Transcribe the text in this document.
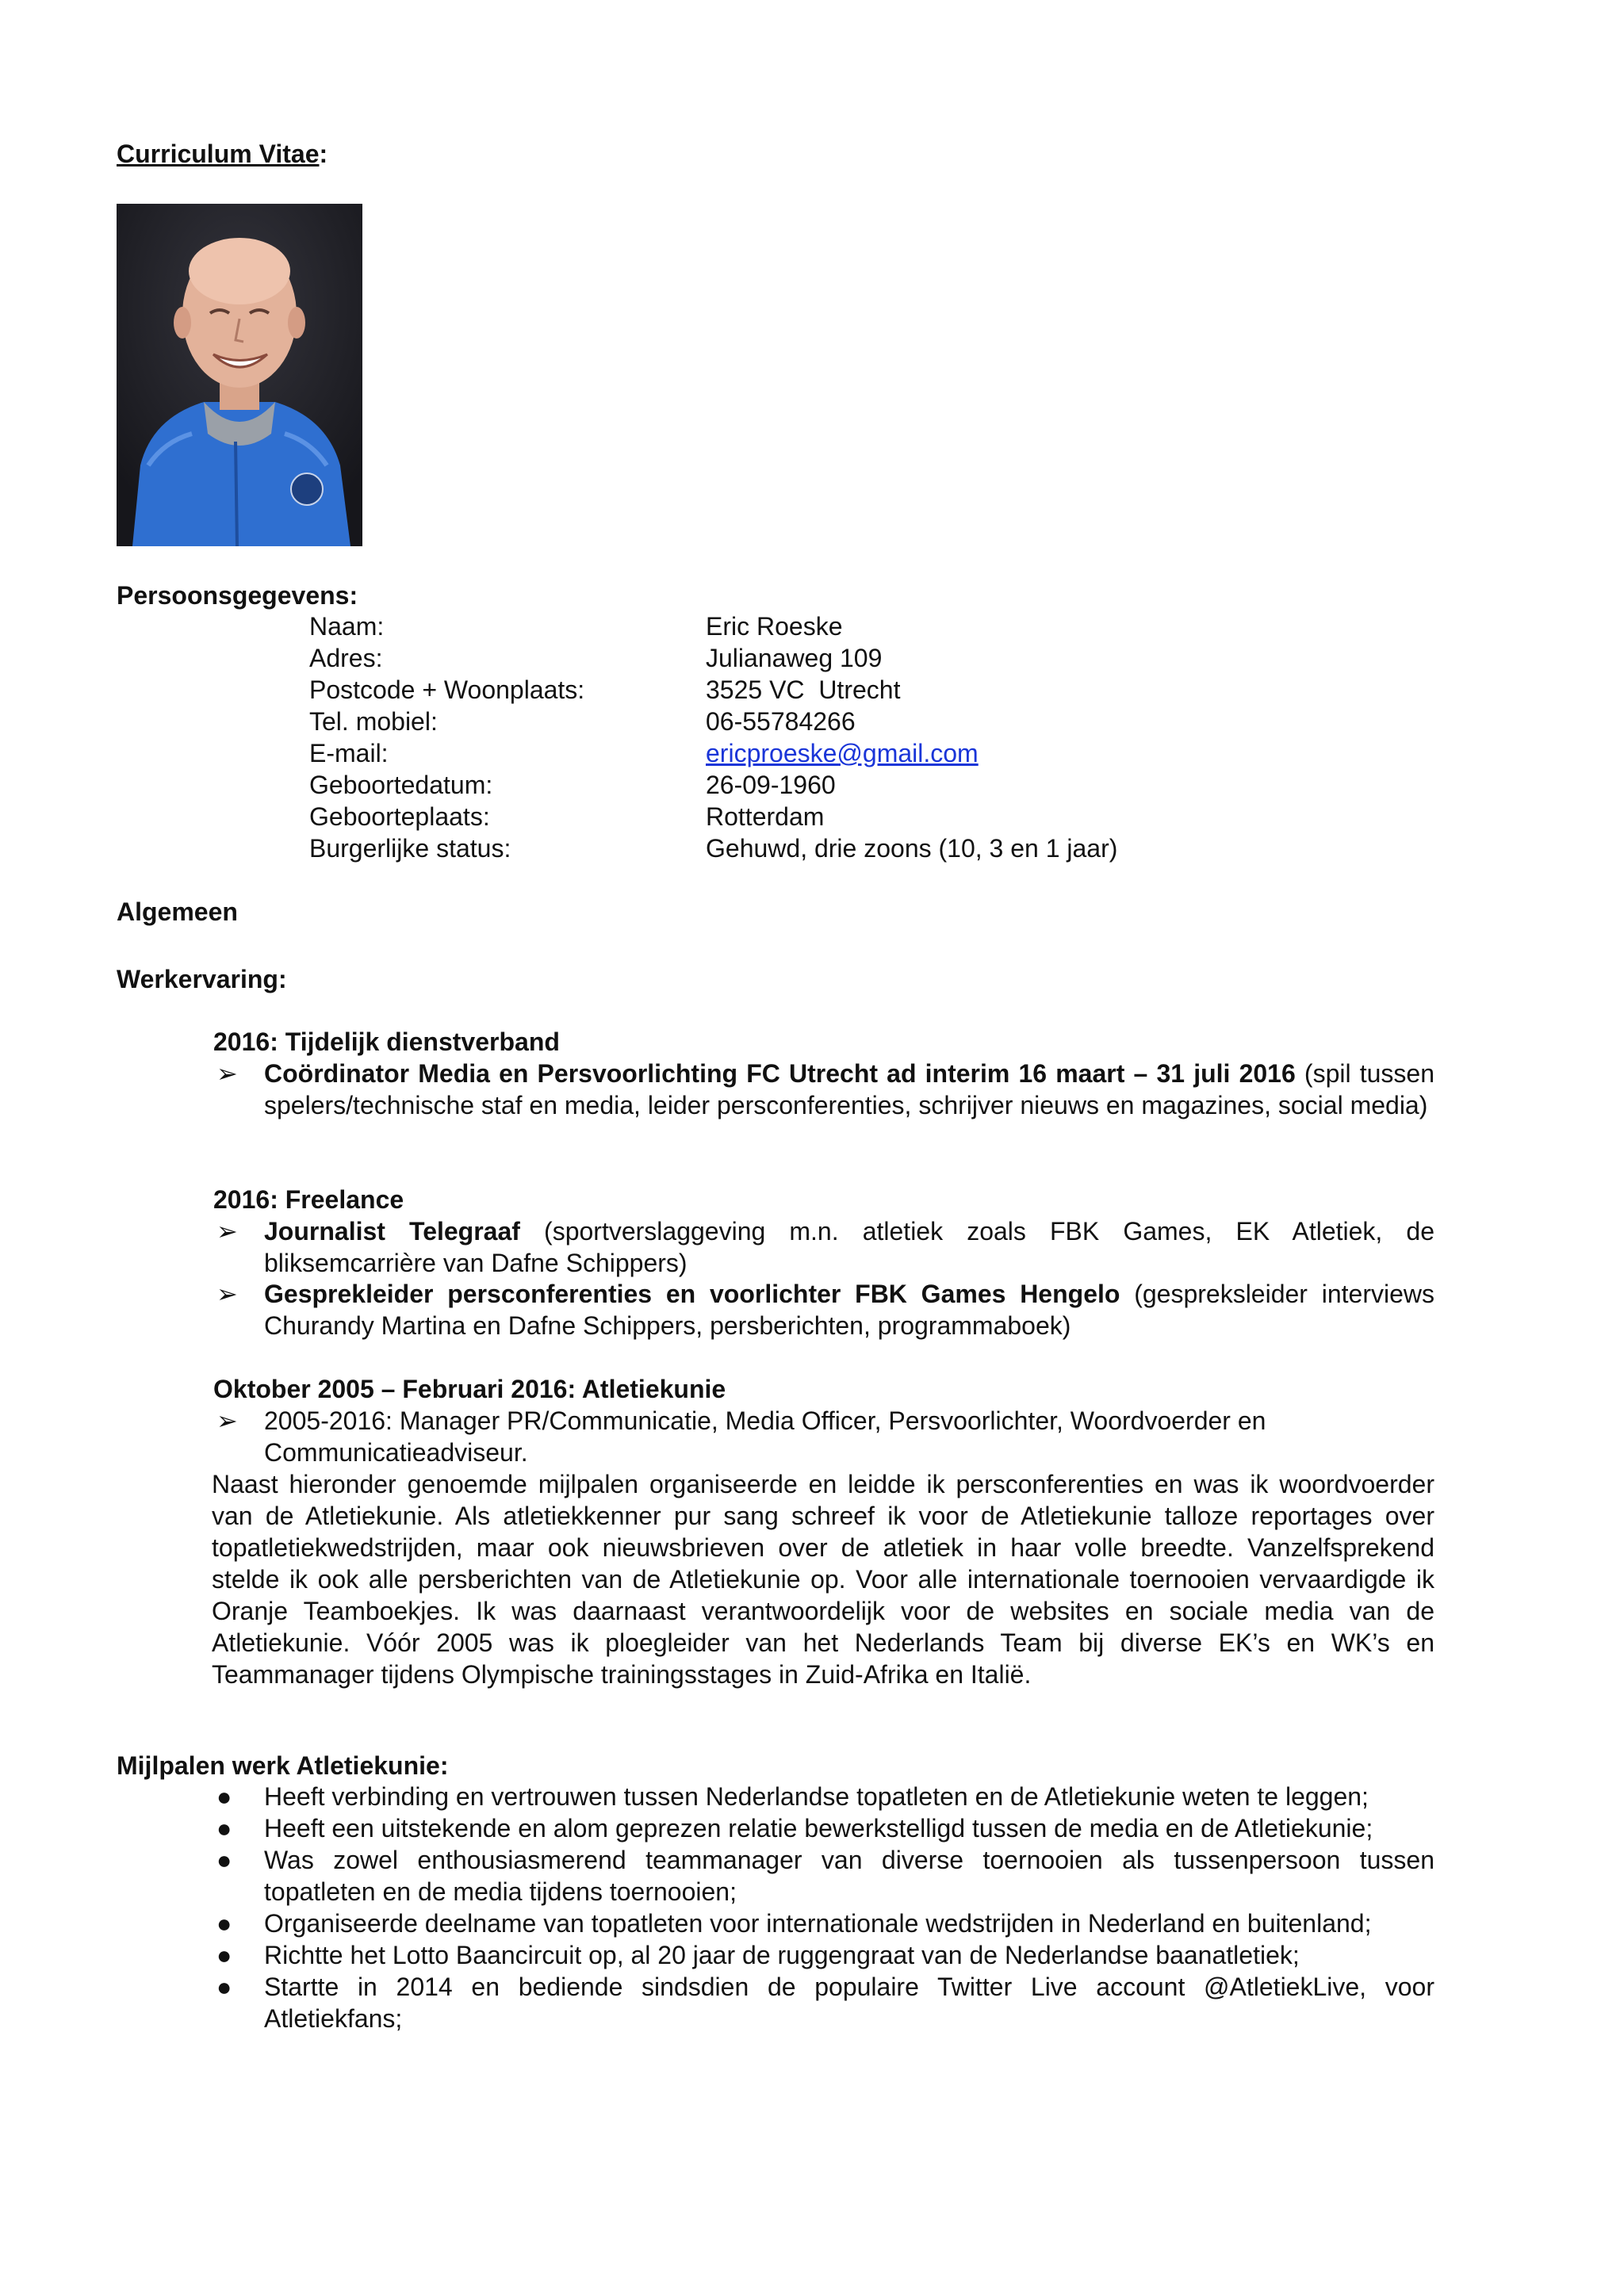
Curriculum Vitae:
Persoonsgegevens:
Naam:	Eric Roeske
Adres:	Julianaweg 109
Postcode + Woonplaats:	3525 VC  Utrecht
Tel. mobiel:	06-55784266
E-mail:	ericproeske@gmail.com
Geboortedatum:	26-09-1960
Geboorteplaats:	Rotterdam
Burgerlijke status:	Gehuwd, drie zoons (10, 3 en 1 jaar)
Algemeen
Werkervaring:
2016: Tijdelijk dienstverband
➢ Coördinator Media en Persvoorlichting FC Utrecht ad interim 16 maart – 31 juli 2016 (spil tussen spelers/technische staf en media, leider persconferenties, schrijver nieuws en magazines, social media)
2016: Freelance
➢ Journalist Telegraaf (sportverslaggeving m.n. atletiek zoals FBK Games, EK Atletiek, de bliksemcarrière van Dafne Schippers)
➢ Gesprekleider persconferenties en voorlichter FBK Games Hengelo (gespreksleider interviews Churandy Martina en Dafne Schippers, persberichten, programmaboek)
Oktober 2005 – Februari 2016: Atletiekunie
➢ 2005-2016: Manager PR/Communicatie, Media Officer, Persvoorlichter, Woordvoerder en Communicatieadviseur.
Naast hieronder genoemde mijlpalen organiseerde en leidde ik persconferenties en was ik woordvoerder van de Atletiekunie. Als atletiekkenner pur sang schreef ik voor de Atletiekunie talloze reportages over topatletiekwedstrijden, maar ook nieuwsbrieven over de atletiek in haar volle breedte. Vanzelfsprekend stelde ik ook alle persberichten van de Atletiekunie op. Voor alle internationale toernooien vervaardigde ik Oranje Teamboekjes. Ik was daarnaast verantwoordelijk voor de websites en sociale media van de Atletiekunie. Vóór 2005 was ik ploegleider van het Nederlands Team bij diverse EK’s en WK’s en Teammanager tijdens Olympische trainingsstages in Zuid-Afrika en Italië.
Mijlpalen werk Atletiekunie:
● Heeft verbinding en vertrouwen tussen Nederlandse topatleten en de Atletiekunie weten te leggen;
● Heeft een uitstekende en alom geprezen relatie bewerkstelligd tussen de media en de Atletiekunie;
● Was zowel enthousiasmerend teammanager van diverse toernooien als tussenpersoon tussen topatleten en de media tijdens toernooien;
● Organiseerde deelname van topatleten voor internationale wedstrijden in Nederland en buitenland;
● Richtte het Lotto Baancircuit op, al 20 jaar de ruggengraat van de Nederlandse baanatletiek;
● Startte in 2014 en bediende sindsdien de populaire Twitter Live account @AtletiekLive, voor Atletiekfans;
